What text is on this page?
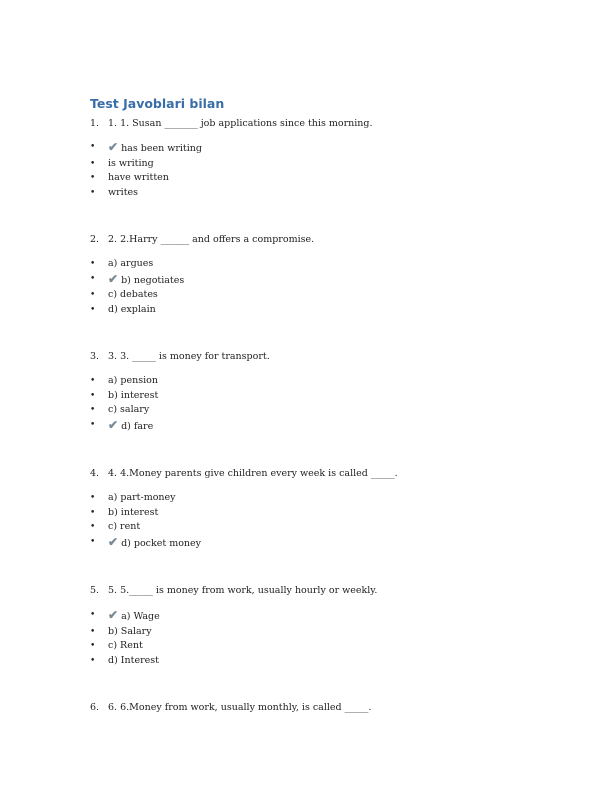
Test Javoblari bilan
1. 1. 1. Susan _______ job applications since this morning.
• ✔ has been writing
• is writing
• have written
• writes
2. 2. 2.Harry ______ and offers a compromise.
• a) argues
• ✔ b) negotiates
• c) debates
• d) explain
3. 3. 3. _____ is money for transport.
• a) pension
• b) interest
• c) salary
• ✔ d) fare
4. 4. 4.Money parents give children every week is called _____.
• a) part-money
• b) interest
• c) rent
• ✔ d) pocket money
5. 5. 5._____ is money from work, usually hourly or weekly.
• ✔ a) Wage
• b) Salary
• c) Rent
• d) Interest
6. 6. 6.Money from work, usually monthly, is called _____.
